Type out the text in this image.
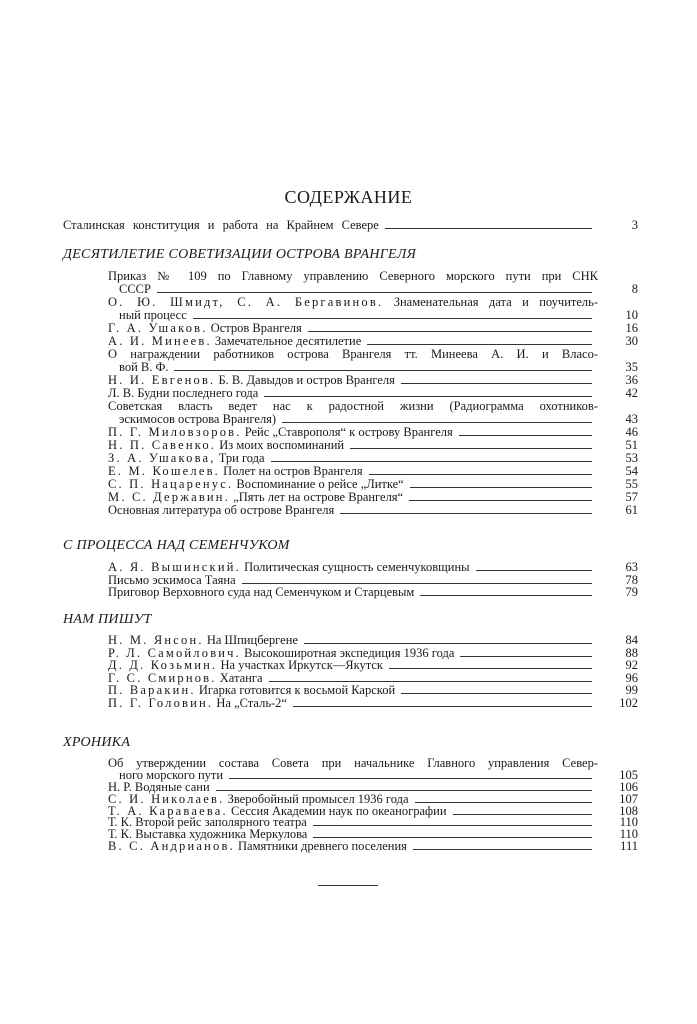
СОДЕРЖАНИЕ
Сталинская конституция и работа на Крайнем Севере	3
ДЕСЯТИЛЕТИЕ СОВЕТИЗАЦИИ ОСТРОВА ВРАНГЕЛЯ
Приказ № 109 по Главному управлению Северного морского пути при СНК
СССР	8
О. Ю. Шмидт, С. А. Бергавинов. Знаменательная дата и поучитель-
ный процесс	10
Г. А. Ушаков. Остров Врангеля	16
А. И. Минеев. Замечательное десятилетие	30
О награждении работников острова Врангеля тт. Минеева А. И. и Власо-
вой В. Ф.	35
Н. И. Евгенов. Б. В. Давыдов и остров Врангеля	36
Л. В. Будни последнего года	42
Советская власть ведет нас к радостной жизни (Радиограмма охотников-
эскимосов острова Врангеля)	43
П. Г. Миловзоров. Рейс „Ставрополя“ к острову Врангеля	46
Н. П. Савенко. Из моих воспоминаний	51
З. А. Ушакова, Три года	53
Е. М. Кошелев. Полет на остров Врангеля	54
С. П. Нацаренус. Воспоминание о рейсе „Литке“	55
М. С. Державин. „Пять лет на острове Врангеля“	57
Основная литература об острове Врангеля	61
С ПРОЦЕССА НАД СЕМЕНЧУКОМ
А. Я. Вышинский. Политическая сущность семенчуковщины	63
Письмо эскимоса Таяна	78
Приговор Верховного суда над Семенчуком и Старцевым	79
НАМ ПИШУТ
Н. М. Янсон. На Шпицбергене	84
Р. Л. Самойлович. Высокоширотная экспедиция 1936 года	88
Д. Д. Козьмин. На участках Иркутск—Якутск	92
Г. С. Смирнов. Хатанга	96
П. Варакин. Игарка готовится к восьмой Карской	99
П. Г. Головин. На „Сталь-2“	102
ХРОНИКА
Об утверждении состава Совета при начальнике Главного управления Север-
ного морского пути	105
Н. Р. Водяные сани	106
С. И. Николаев. Зверобойный промысел 1936 года	107
Т. А. Караваева. Сессия Академии наук по океанографии	108
Т. К. Второй рейс заполярного театра	110
Т. К. Выставка художника Меркулова	110
В. С. Андрианов. Памятники древнего поселения	111
